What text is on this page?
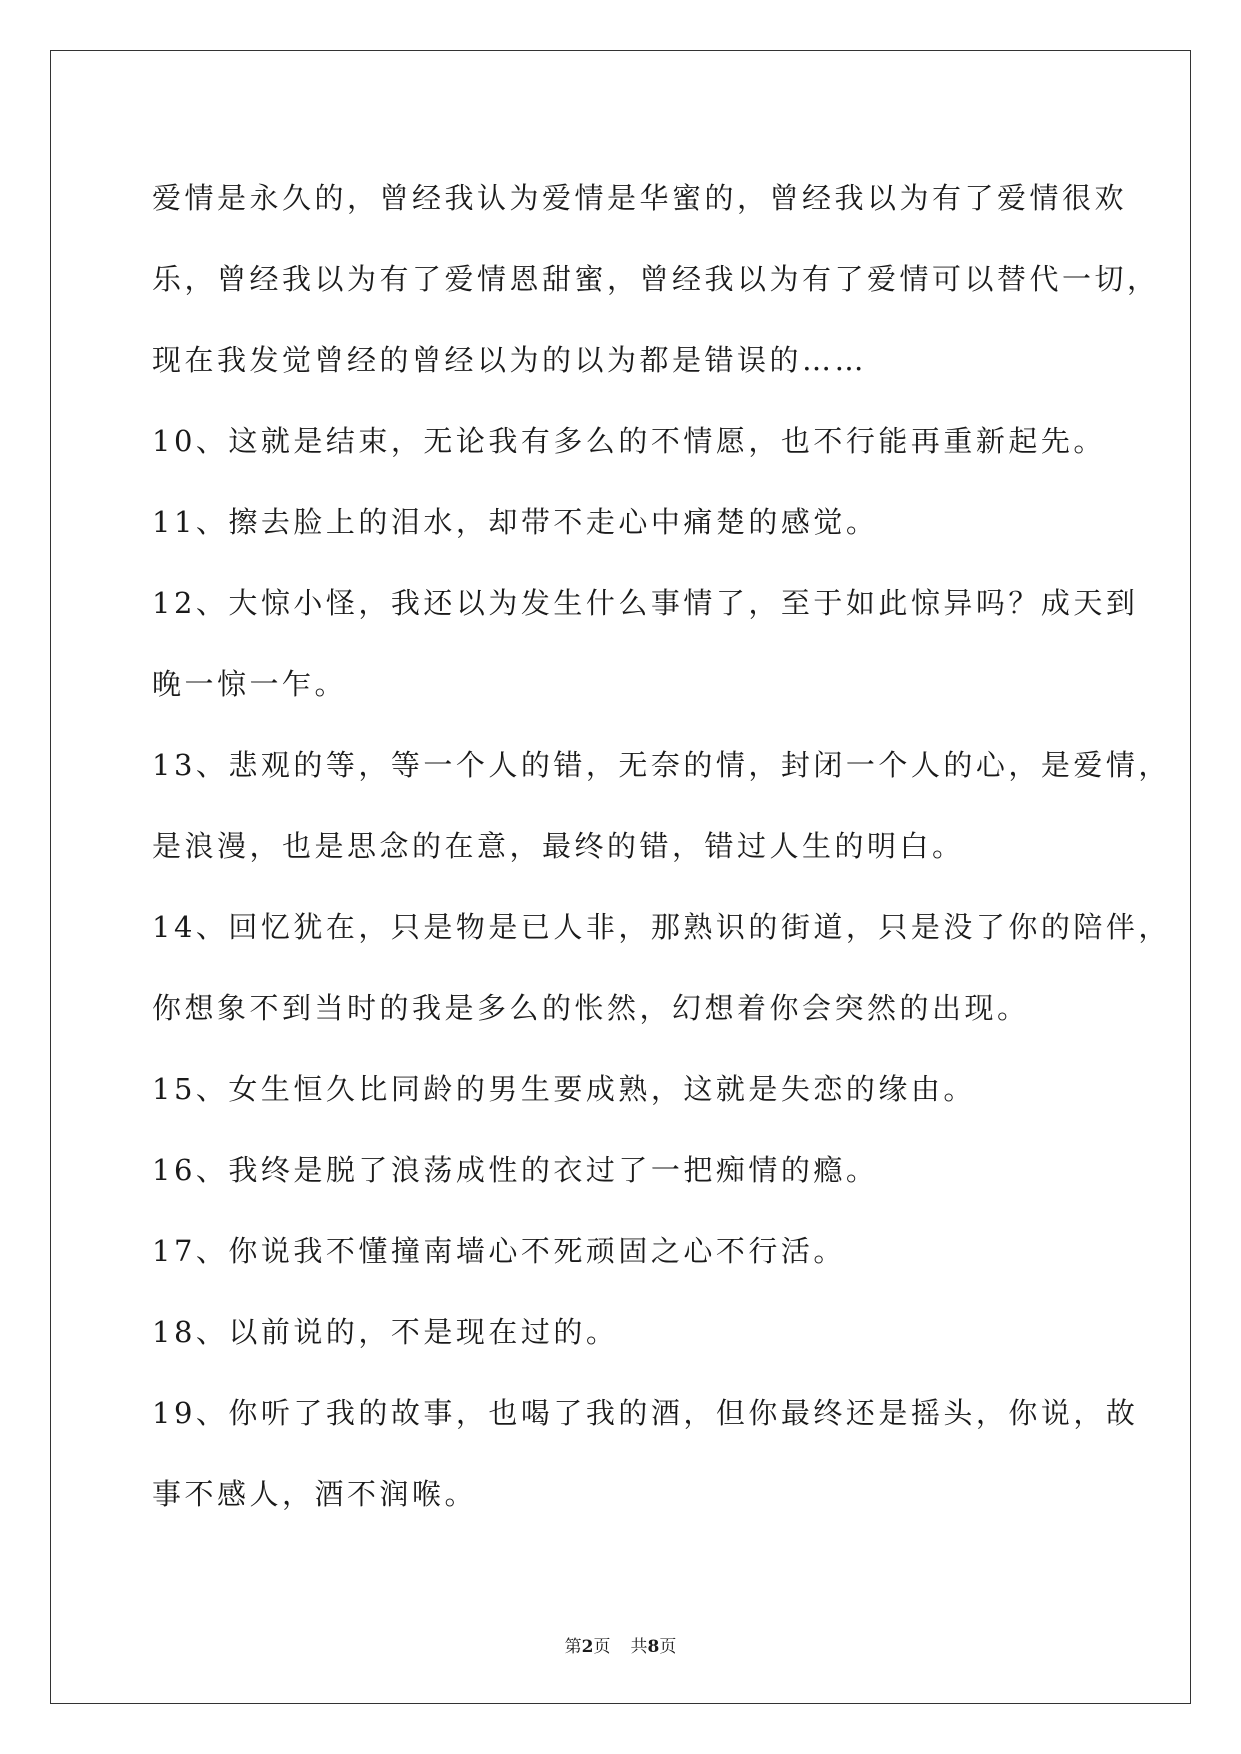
爱情是永久的，曾经我认为爱情是华蜜的，曾经我以为有了爱情很欢
乐，曾经我以为有了爱情恩甜蜜，曾经我以为有了爱情可以替代一切，
现在我发觉曾经的曾经以为的以为都是错误的……
10、这就是结束，无论我有多么的不情愿，也不行能再重新起先。
11、擦去脸上的泪水，却带不走心中痛楚的感觉。
12、大惊小怪，我还以为发生什么事情了，至于如此惊异吗？成天到
晚一惊一乍。
13、悲观的等，等一个人的错，无奈的情，封闭一个人的心，是爱情，
是浪漫，也是思念的在意，最终的错，错过人生的明白。
14、回忆犹在，只是物是已人非，那熟识的街道，只是没了你的陪伴，
你想象不到当时的我是多么的怅然，幻想着你会突然的出现。
15、女生恒久比同龄的男生要成熟，这就是失恋的缘由。
16、我终是脱了浪荡成性的衣过了一把痴情的瘾。
17、你说我不懂撞南墙心不死顽固之心不行活。
18、以前说的，不是现在过的。
19、你听了我的故事，也喝了我的酒，但你最终还是摇头，你说，故
事不感人，酒不润喉。
第2页 共8页
